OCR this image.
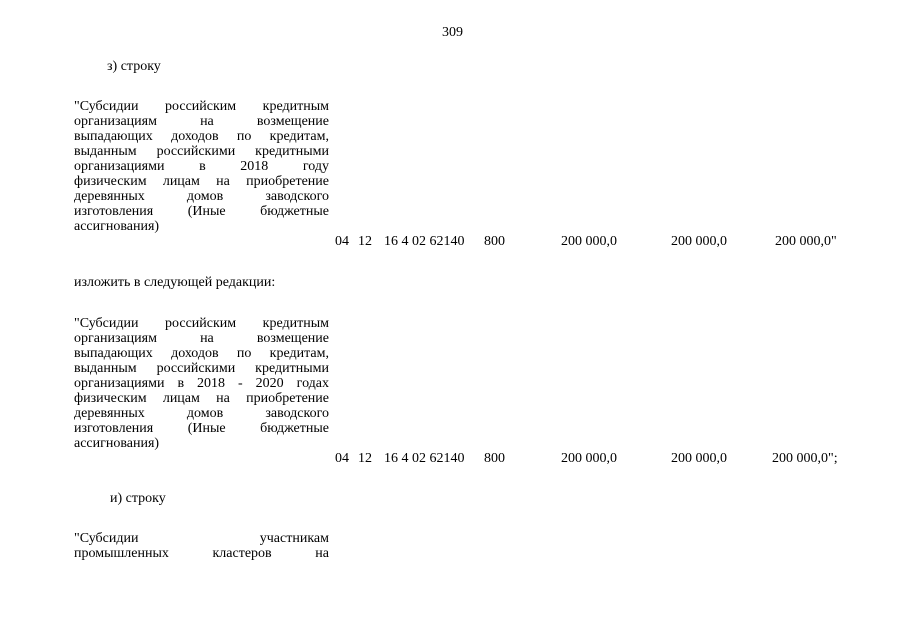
309
з) строку
"Субсидии российским кредитным
организациям на возмещение
выпадающих доходов по кредитам,
выданным российскими кредитными
организациями в 2018 году
физическим лицам на приобретение
деревянных домов заводского
изготовления (Иные бюджетные
ассигнования)
04 12 16 4 02 62140 800	200 000,0	200 000,0	200 000,0"
изложить в следующей редакции:
"Субсидии российским кредитным
организациям на возмещение
выпадающих доходов по кредитам,
выданным российскими кредитными
организациями в 2018 - 2020 годах
физическим лицам на приобретение
деревянных домов заводского
изготовления (Иные бюджетные
ассигнования)
04 12 16 4 02 62140 800	200 000,0	200 000,0	200 000,0";
и) строку
"Субсидии участникам
промышленных кластеров на
